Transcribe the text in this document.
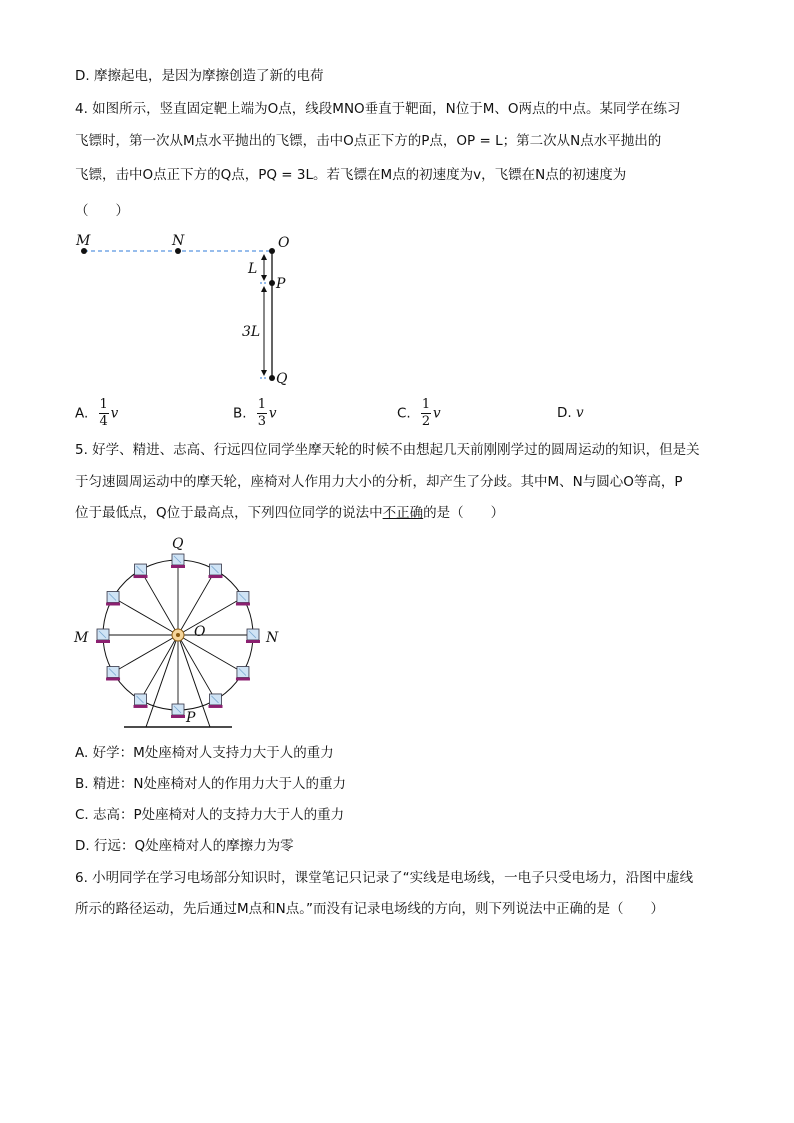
D. 摩擦起电，是因为摩擦创造了新的电荷
4. 如图所示，竖直固定靶上端为O点，线段MNO垂直于靶面，N位于M、O两点的中点。某同学在练习
飞镖时，第一次从M点水平抛出的飞镖，击中O点正下方的P点，OP = L；第二次从N点水平抛出的
飞镖，击中O点正下方的Q点，PQ = 3L。若飞镖在M点的初速度为v，飞镖在N点的初速度为
（　　）
M	N	O
P
Q
L
3L
A. $\frac{1}{4}$ v	B. $\frac{1}{3}$ v	C. $\frac{1}{2}$ v	D. v
5. 好学、精进、志高、行远四位同学坐摩天轮的时候不由想起几天前刚刚学过的圆周运动的知识，但是关
于匀速圆周运动中的摩天轮，座椅对人作用力大小的分析，却产生了分歧。其中M、N与圆心O等高，P
位于最低点，Q位于最高点，下列四位同学的说法中不正确的是（　　）
Q
M	N
O
P
A. 好学：M处座椅对人支持力大于人的重力
B. 精进：N处座椅对人的作用力大于人的重力
C. 志高：P处座椅对人的支持力大于人的重力
D. 行远：Q处座椅对人的摩擦力为零
6. 小明同学在学习电场部分知识时，课堂笔记只记录了“实线是电场线，一电子只受电场力，沿图中虚线
所示的路径运动，先后通过M点和N点。”而没有记录电场线的方向，则下列说法中正确的是（　　）
